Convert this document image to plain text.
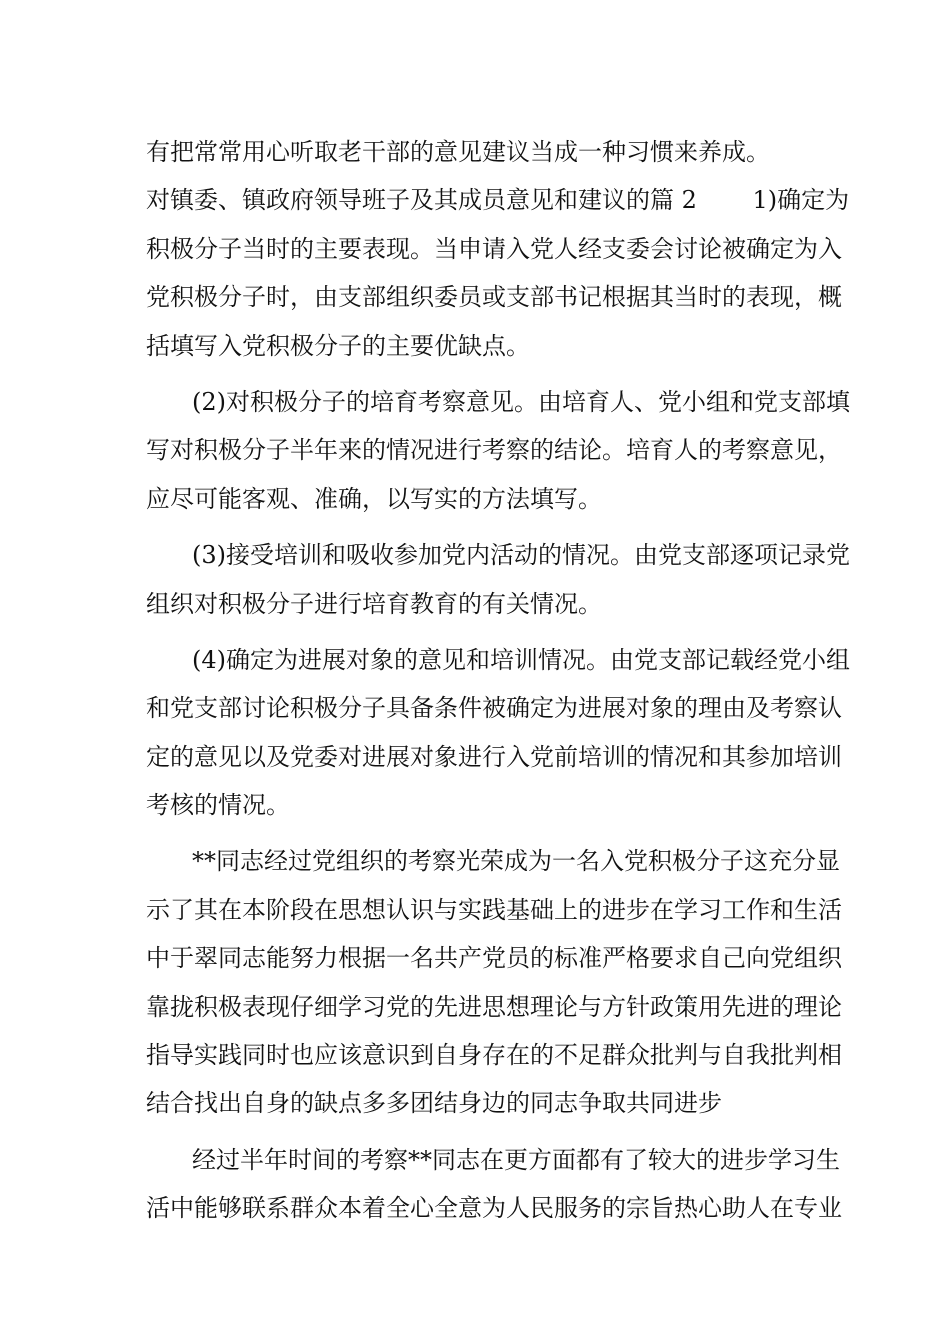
有把常常用心听取老干部的意见建议当成一种习惯来养成。
对镇委、镇政府领导班子及其成员意见和建议的篇 2　　 1)确定为
积极分子当时的主要表现。当申请入党人经支委会讨论被确定为入
党积极分子时，由支部组织委员或支部书记根据其当时的表现，概
括填写入党积极分子的主要优缺点。
(2)对积极分子的培育考察意见。由培育人、党小组和党支部填
写对积极分子半年来的情况进行考察的结论。培育人的考察意见，
应尽可能客观、准确，以写实的方法填写。
(3)接受培训和吸收参加党内活动的情况。由党支部逐项记录党
组织对积极分子进行培育教育的有关情况。
(4)确定为进展对象的意见和培训情况。由党支部记载经党小组
和党支部讨论积极分子具备条件被确定为进展对象的理由及考察认
定的意见以及党委对进展对象进行入党前培训的情况和其参加培训
考核的情况。
**同志经过党组织的考察光荣成为一名入党积极分子这充分显
示了其在本阶段在思想认识与实践基础上的进步在学习工作和生活
中于翠同志能努力根据一名共产党员的标准严格要求自己向党组织
靠拢积极表现仔细学习党的先进思想理论与方针政策用先进的理论
指导实践同时也应该意识到自身存在的不足群众批判与自我批判相
结合找出自身的缺点多多团结身边的同志争取共同进步
经过半年时间的考察**同志在更方面都有了较大的进步学习生
活中能够联系群众本着全心全意为人民服务的宗旨热心助人在专业
